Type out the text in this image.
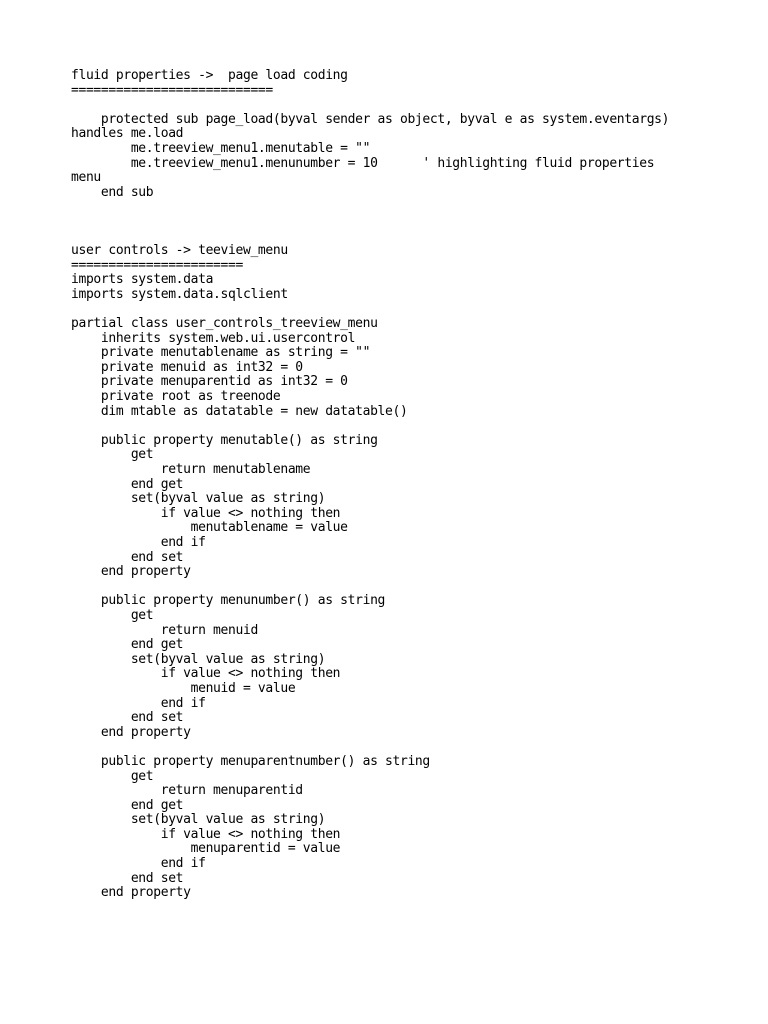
fluid properties ->  page load coding
===========================
protected sub page_load(byval sender as object, byval e as system.eventargs)
handles me.load
me.treeview_menu1.menutable = ""
me.treeview_menu1.menunumber = 10      ' highlighting fluid properties
menu
end sub
user controls -> teeview_menu
=======================
imports system.data
imports system.data.sqlclient
partial class user_controls_treeview_menu
inherits system.web.ui.usercontrol
private menutablename as string = ""
private menuid as int32 = 0
private menuparentid as int32 = 0
private root as treenode
dim mtable as datatable = new datatable()
public property menutable() as string
get
return menutablename
end get
set(byval value as string)
if value <> nothing then
menutablename = value
end if
end set
end property
public property menunumber() as string
get
return menuid
end get
set(byval value as string)
if value <> nothing then
menuid = value
end if
end set
end property
public property menuparentnumber() as string
get
return menuparentid
end get
set(byval value as string)
if value <> nothing then
menuparentid = value
end if
end set
end property
